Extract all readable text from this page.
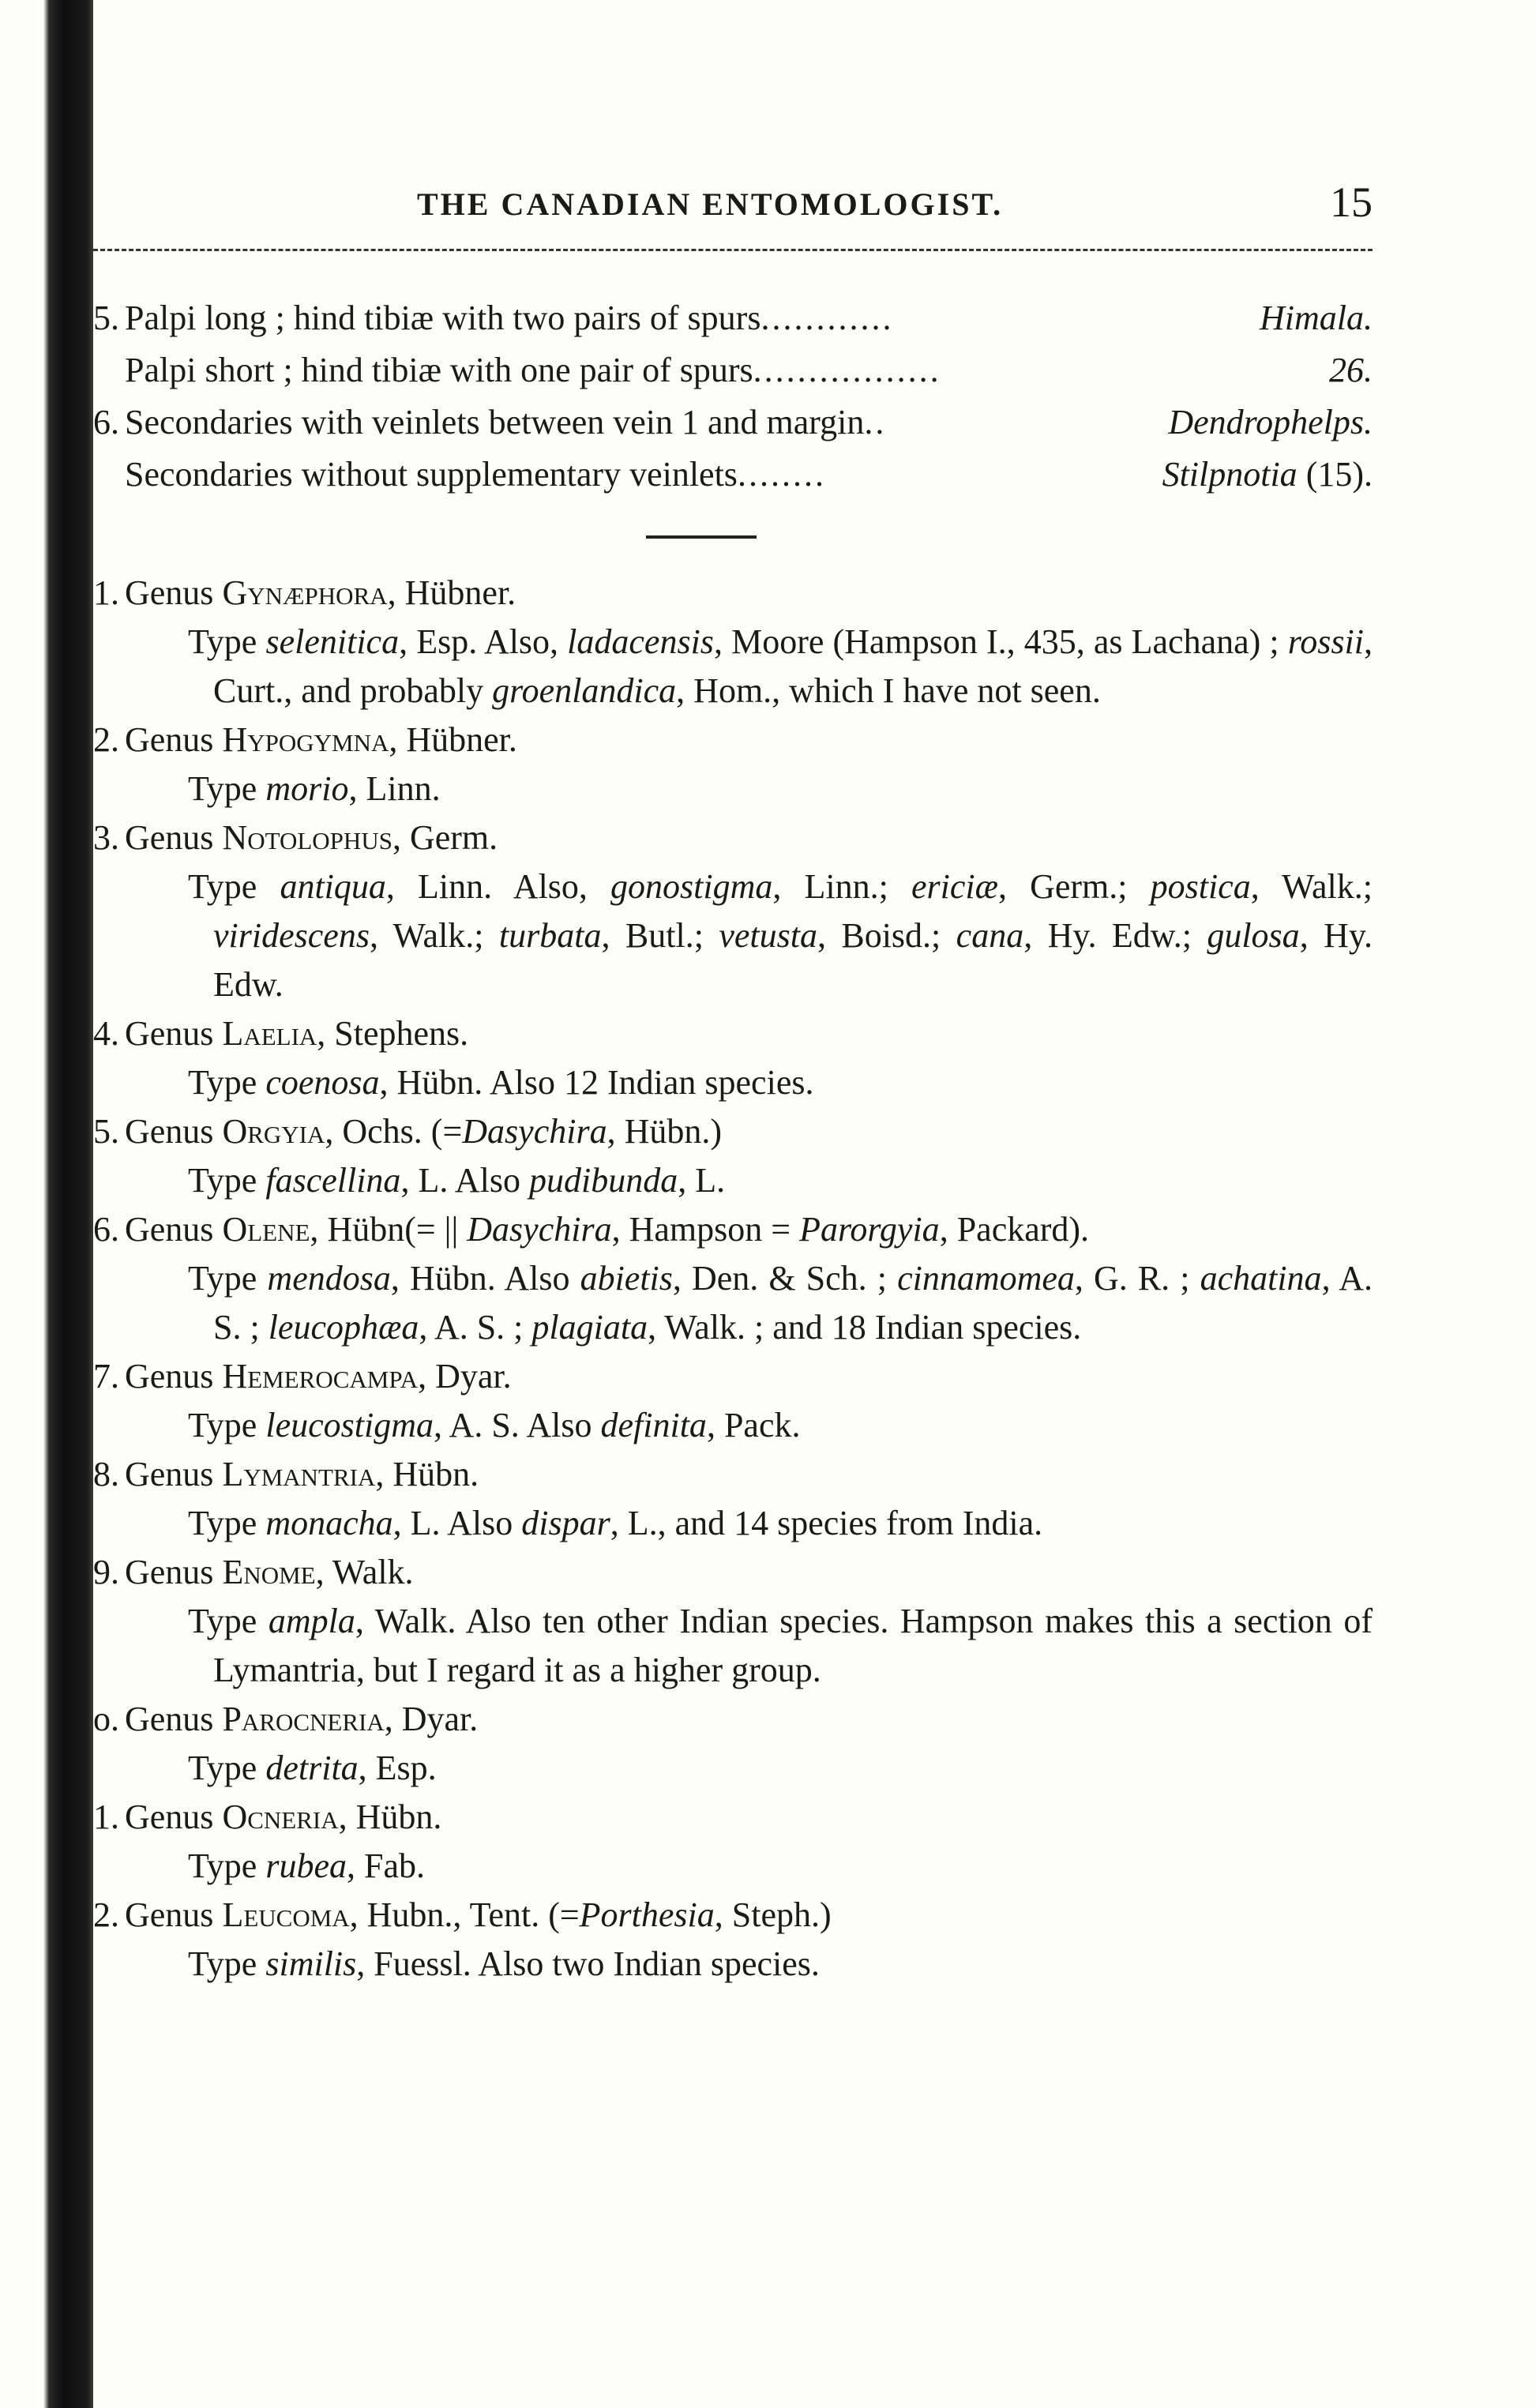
THE CANADIAN ENTOMOLOGIST.	15
5. Palpi long ; hind tibiæ with two pairs of spurs ............	Himala.
Palpi short ; hind tibiæ with one pair of spurs .................	26.
6. Secondaries with veinlets between vein 1 and margin ..	Dendrophelps.
Secondaries without supplementary veinlets ........	Stilpnotia (15).
1. Genus Gynæphora, Hübner.
Type selenitica, Esp. Also, ladacensis, Moore (Hampson I., 435, as Lachana) ; rossii, Curt., and probably groenlandica, Hom., which I have not seen.
2. Genus Hypogymna, Hübner.
Type morio, Linn.
3. Genus Notolophus, Germ.
Type antiqua, Linn. Also, gonostigma, Linn.; ericiæ, Germ.; postica, Walk.; viridescens, Walk.; turbata, Butl.; vetusta, Boisd.; cana, Hy. Edw.; gulosa, Hy. Edw.
4. Genus Laelia, Stephens.
Type coenosa, Hübn. Also 12 Indian species.
5. Genus Orgyia, Ochs. (=Dasychira, Hübn.)
Type fascellina, L. Also pudibunda, L.
6. Genus Olene, Hübn(= || Dasychira, Hampson = Parorgyia, Packard).
Type mendosa, Hübn. Also abietis, Den. & Sch. ; cinnamomea, G. R. ; achatina, A. S. ; leucophæa, A. S. ; plagiata, Walk. ; and 18 Indian species.
7. Genus Hemerocampa, Dyar.
Type leucostigma, A. S. Also definita, Pack.
8. Genus Lymantria, Hübn.
Type monacha, L. Also dispar, L., and 14 species from India.
9. Genus Enome, Walk.
Type ampla, Walk. Also ten other Indian species. Hampson makes this a section of Lymantria, but I regard it as a higher group.
o. Genus Parocneria, Dyar.
Type detrita, Esp.
1. Genus Ocneria, Hübn.
Type rubea, Fab.
2. Genus Leucoma, Hubn., Tent. (=Porthesia, Steph.)
Type similis, Fuessl. Also two Indian species.
